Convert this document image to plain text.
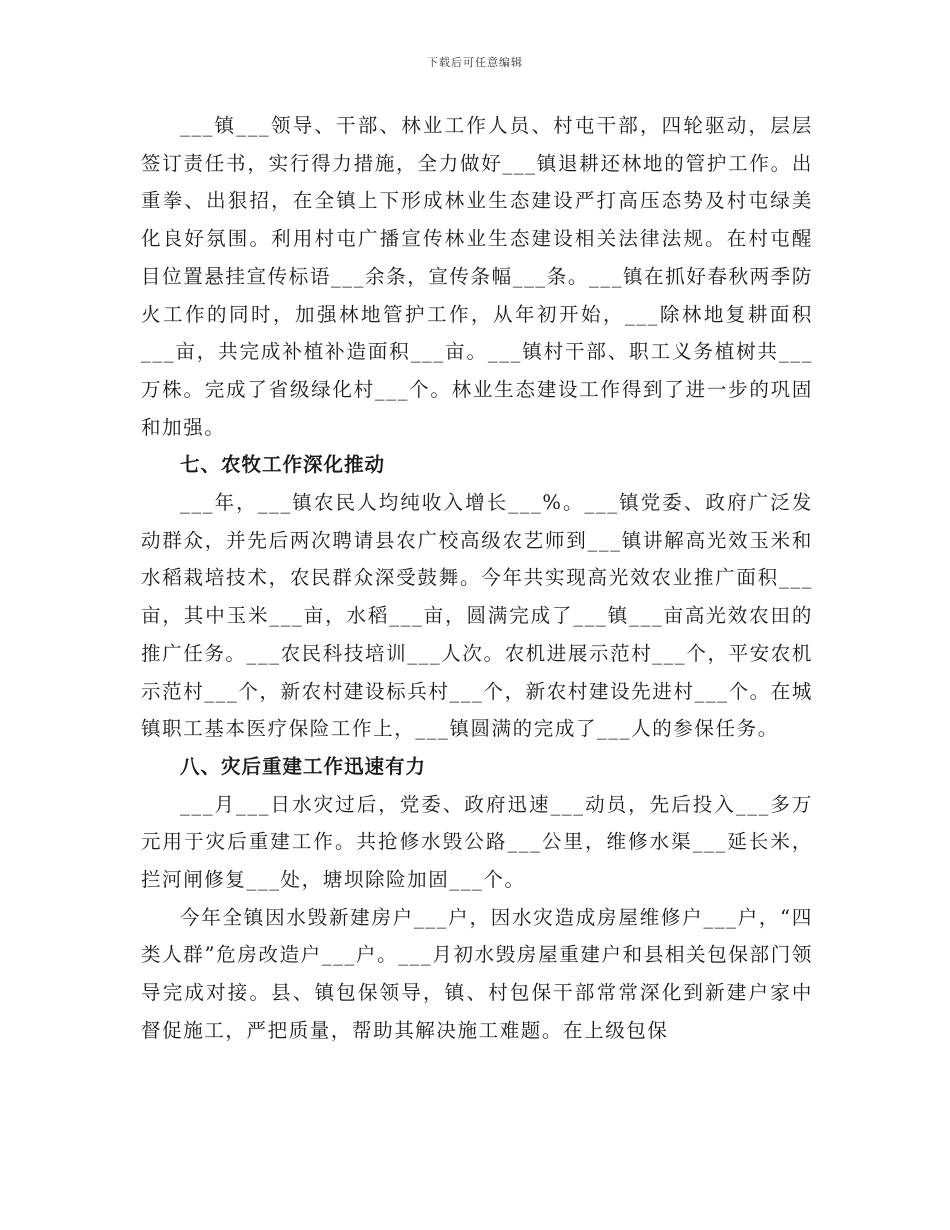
下载后可任意编辑

___镇___领导、干部、林业工作人员、村屯干部，四轮驱动，层层签订责任书，实行得力措施，全力做好___镇退耕还林地的管护工作。出重拳、出狠招，在全镇上下形成林业生态建设严打高压态势及村屯绿美化良好氛围。利用村屯广播宣传林业生态建设相关法律法规。在村屯醒目位置悬挂宣传标语___余条，宣传条幅___条。___镇在抓好春秋两季防火工作的同时，加强林地管护工作，从年初开始，___除林地复耕面积___亩，共完成补植补造面积___亩。___镇村干部、职工义务植树共___万株。完成了省级绿化村___个。林业生态建设工作得到了进一步的巩固和加强。

七、农牧工作深化推动

___年，___镇农民人均纯收入增长___%。___镇党委、政府广泛发动群众，并先后两次聘请县农广校高级农艺师到___镇讲解高光效玉米和水稻栽培技术，农民群众深受鼓舞。今年共实现高光效农业推广面积___亩，其中玉米___亩，水稻___亩，圆满完成了___镇___亩高光效农田的推广任务。___农民科技培训___人次。农机进展示范村___个，平安农机示范村___个，新农村建设标兵村___个，新农村建设先进村___个。在城镇职工基本医疗保险工作上，___镇圆满的完成了___人的参保任务。

八、灾后重建工作迅速有力

___月___日水灾过后，党委、政府迅速___动员，先后投入___多万元用于灾后重建工作。共抢修水毁公路___公里，维修水渠___延长米，拦河闸修复___处，塘坝除险加固___个。

今年全镇因水毁新建房户___户，因水灾造成房屋维修户___户，“四类人群”危房改造户___户。___月初水毁房屋重建户和县相关包保部门领导完成对接。县、镇包保领导，镇、村包保干部常常深化到新建户家中督促施工，严把质量，帮助其解决施工难题。在上级包保
